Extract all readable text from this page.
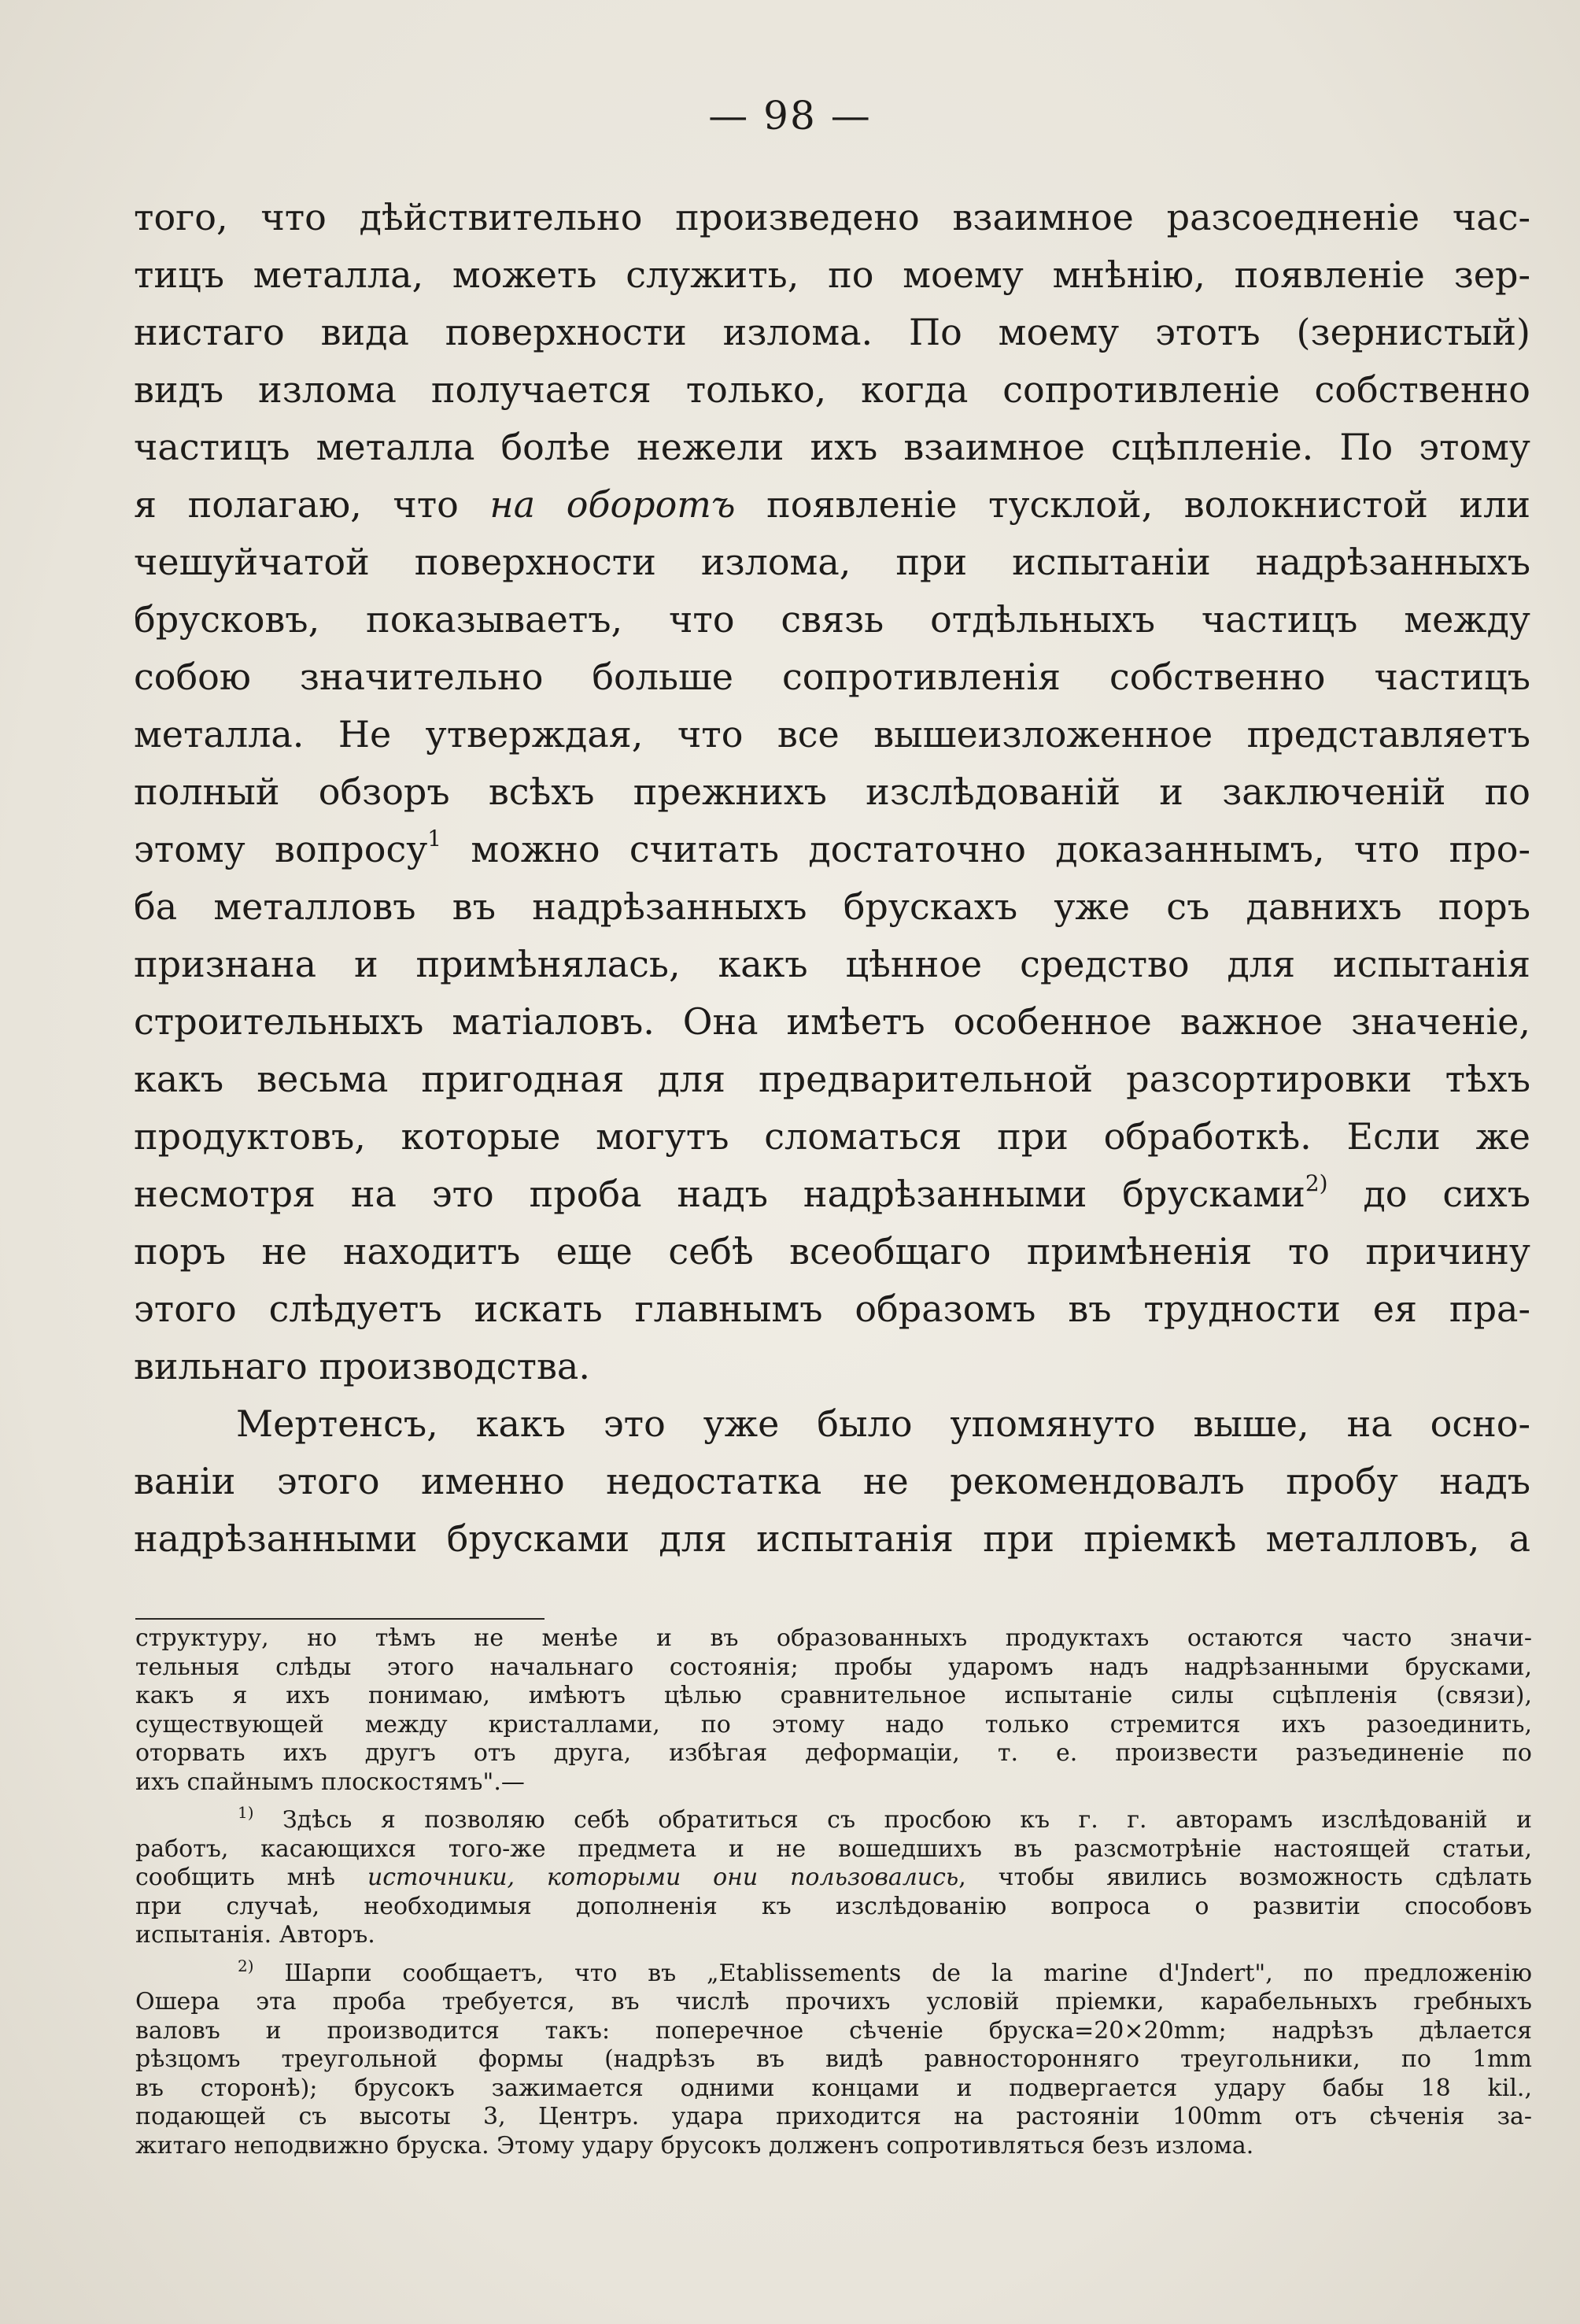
— 98 —
того, что дѣйствительно произведено взаимное разсоедненіе час-
тицъ металла, можеть служить, по моему мнѣнію, появленіе зер-
нистаго вида поверхности излома. По моему этотъ (зернистый)
видъ излома получается только, когда сопротивленіе собственно
частицъ металла болѣе нежели ихъ взаимное сцѣпленіе. По этому
я полагаю, что на оборотъ появленіе тусклой, волокнистой или
чешуйчатой поверхности излома, при испытаніи надрѣзанныхъ
брусковъ, показываетъ, что связь отдѣльныхъ частицъ между
собою значительно больше сопротивленія собственно частицъ
металла. Не утверждая, что все вышеизложенное представляетъ
полный обзоръ всѣхъ прежнихъ изслѣдованій и заключеній по
этому вопросу$^1$ можно считать достаточно доказаннымъ, что про-
ба металловъ въ надрѣзанныхъ брускахъ уже съ давнихъ поръ
признана и примѣнялась, какъ цѣнное средство для испытанія
строительныхъ матіаловъ. Она имѣетъ особенное важное значеніе,
какъ весьма пригодная для предварительной разсортировки тѣхъ
продуктовъ, которые могутъ сломаться при обработкѣ. Если же
несмотря на это проба надъ надрѣзанными брусками$^{2)}$ до сихъ
поръ не находитъ еще себѣ всеобщаго примѣненія то причину
этого слѣдуетъ искать главнымъ образомъ въ трудности ея пра-
вильнаго производства.
Мертенсъ, какъ это уже было упомянуто выше, на осно-
ваніи этого именно недостатка не рекомендовалъ пробу надъ
надрѣзанными брусками для испытанія при пріемкѣ металловъ, а
структуру, но тѣмъ не менѣе и въ образованныхъ продуктахъ остаются часто значи-
тельныя слѣды этого начальнаго состоянія; пробы ударомъ надъ надрѣзанными брусками,
какъ я ихъ понимаю, имѣютъ цѣлью сравнительное испытаніе силы сцѣпленія (связи),
существующей между кристаллами, по этому надо только стремится ихъ разоединить,
оторвать ихъ другъ отъ друга, избѣгая деформаціи, т. е. произвести разъединеніе по
ихъ спайнымъ плоскостямъ".—
$^{1)}$ Здѣсь я позволяю себѣ обратиться съ просбою къ г. г. авторамъ изслѣдованій и
работъ, касающихся того-же предмета и не вошедшихъ въ разсмотрѣніе настоящей статьи,
сообщить мнѣ источники, которыми они пользовались, чтобы явились возможность сдѣлать
при случаѣ, необходимыя дополненія къ изслѣдованію вопроса о развитіи способовъ
испытанія. Авторъ.
$^{2)}$ Шарпи сообщаетъ, что въ „Etablissements de la marine d'Jndert", по предложенію
Ошера эта проба требуется, въ числѣ прочихъ условій пріемки, карабельныхъ гребныхъ
валовъ и производится такъ: поперечное сѣченіе бруска=20×20mm; надрѣзъ дѣлается
рѣзцомъ треугольной формы (надрѣзъ въ видѣ равносторонняго треугольники, по 1mm
въ сторонѣ); брусокъ зажимается одними концами и подвергается удару бабы 18 kil.,
подающей съ высоты 3, Центръ. удара приходится на растояніи 100mm отъ сѣченія за-
житаго неподвижно бруска. Этому удару брусокъ долженъ сопротивляться безъ излома.
